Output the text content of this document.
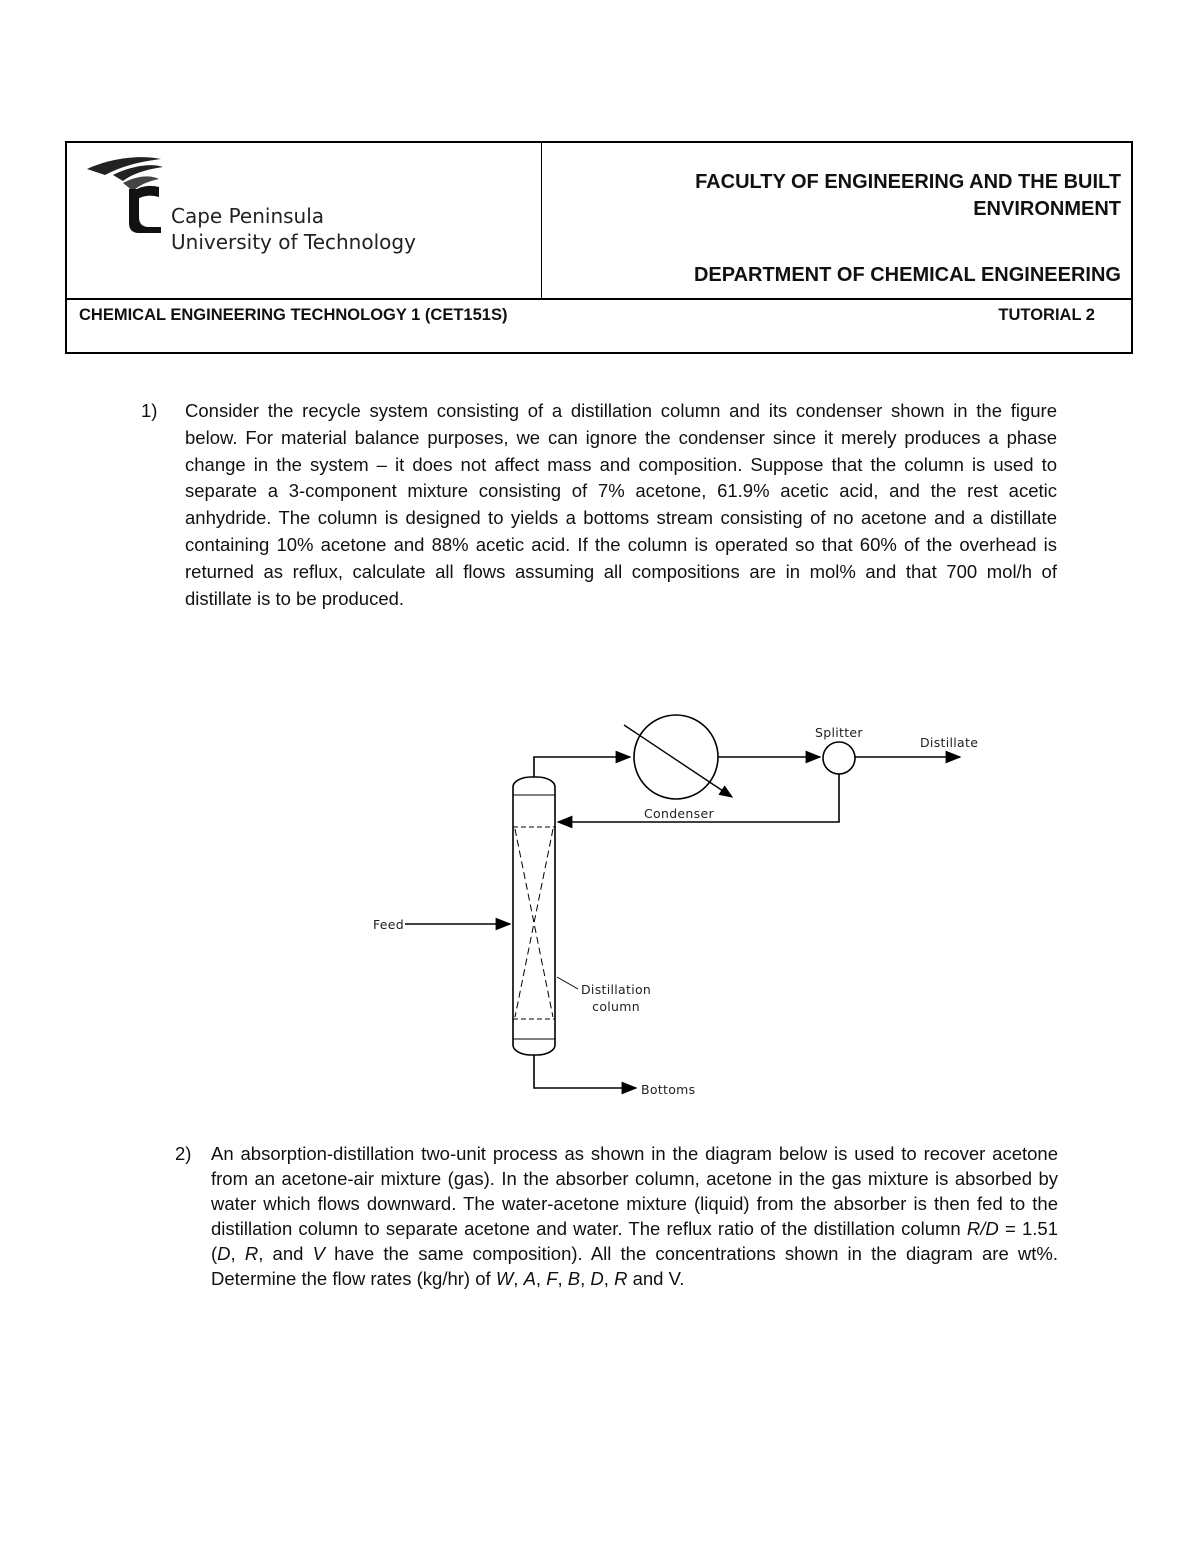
Cape Peninsula
University of Technology
FACULTY OF ENGINEERING AND THE BUILT
ENVIRONMENT
DEPARTMENT OF CHEMICAL ENGINEERING
CHEMICAL ENGINEERING TECHNOLOGY 1 (CET151S)	TUTORIAL 2
1) Consider the recycle system consisting of a distillation column and its condenser shown in the figure below. For material balance purposes, we can ignore the condenser since it merely produces a phase change in the system – it does not affect mass and composition. Suppose that the column is used to separate a 3-component mixture consisting of 7% acetone, 61.9% acetic acid, and the rest acetic anhydride. The column is designed to yields a bottoms stream consisting of no acetone and a distillate containing 10% acetone and 88% acetic acid. If the column is operated so that 60% of the overhead is returned as reflux, calculate all flows assuming all compositions are in mol% and that 700 mol/h of distillate is to be produced.
Splitter
Distillate
Condenser
Feed
Distillation
column
Bottoms
2) An absorption-distillation two-unit process as shown in the diagram below is used to recover acetone from an acetone-air mixture (gas). In the absorber column, acetone in the gas mixture is absorbed by water which flows downward. The water-acetone mixture (liquid) from the absorber is then fed to the distillation column to separate acetone and water. The reflux ratio of the distillation column R/D = 1.51 (D, R, and V have the same composition). All the concentrations shown in the diagram are wt%. Determine the flow rates (kg/hr) of W, A, F, B, D, R and V.
